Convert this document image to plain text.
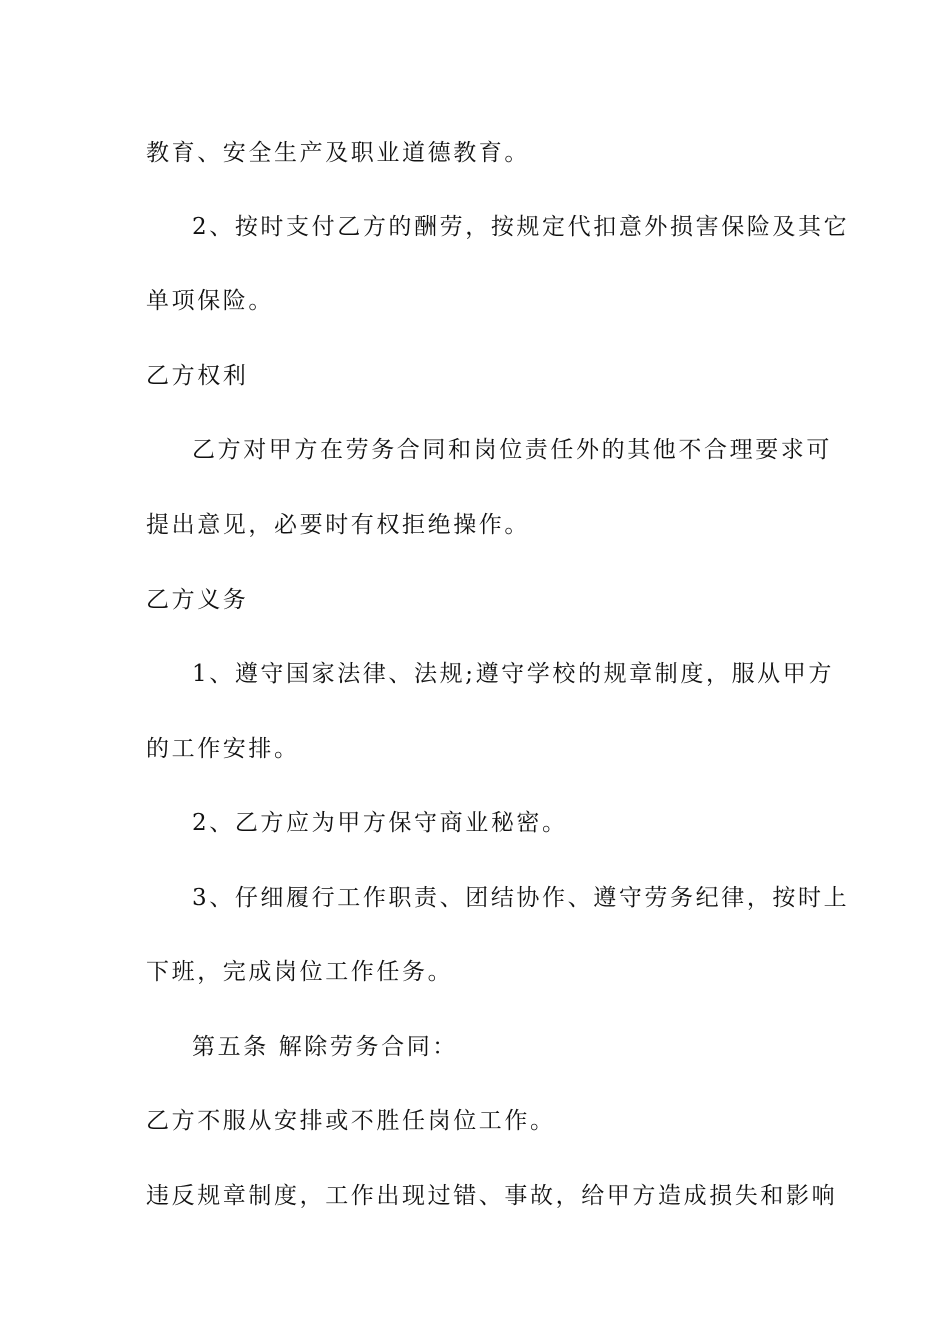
教育、安全生产及职业道德教育。
2、按时支付乙方的酬劳，按规定代扣意外损害保险及其它
单项保险。
乙方权利
乙方对甲方在劳务合同和岗位责任外的其他不合理要求可
提出意见，必要时有权拒绝操作。
乙方义务
1、遵守国家法律、法规;遵守学校的规章制度，服从甲方
的工作安排。
2、乙方应为甲方保守商业秘密。
3、仔细履行工作职责、团结协作、遵守劳务纪律，按时上
下班，完成岗位工作任务。
第五条 解除劳务合同：
乙方不服从安排或不胜任岗位工作。
违反规章制度，工作出现过错、事故，给甲方造成损失和影响
